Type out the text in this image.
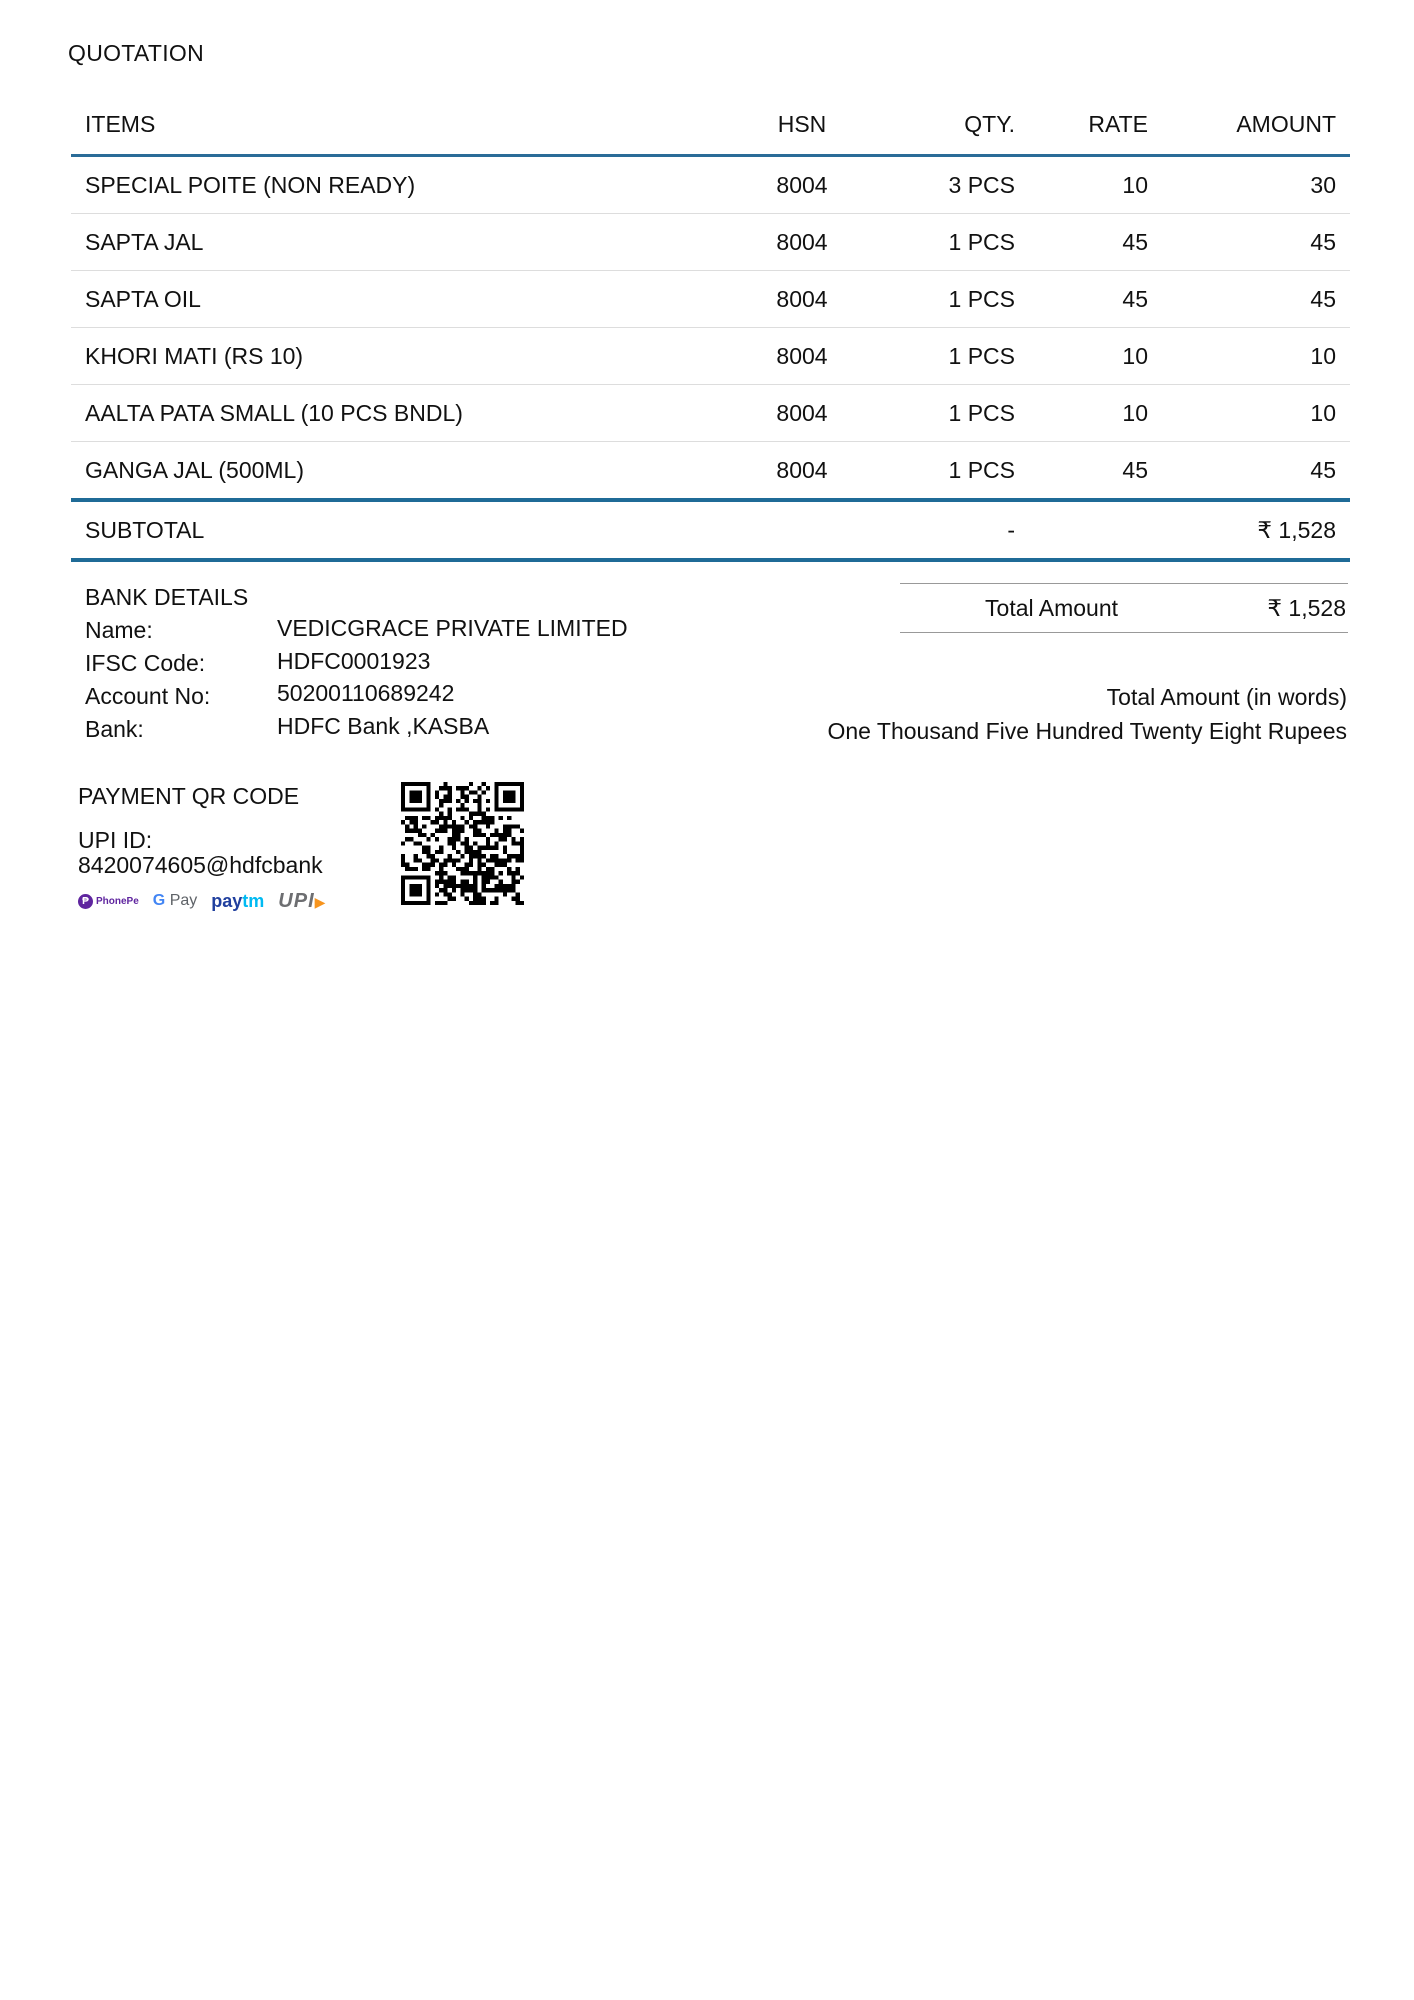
QUOTATION
ITEMS	HSN	QTY.	RATE	AMOUNT
SPECIAL POITE (NON READY)	8004	3 PCS	10	30
SAPTA JAL	8004	1 PCS	45	45
SAPTA OIL	8004	1 PCS	45	45
KHORI MATI (RS 10)	8004	1 PCS	10	10
AALTA PATA SMALL (10 PCS BNDL)	8004	1 PCS	10	10
GANGA JAL (500ML)	8004	1 PCS	45	45
SUBTOTAL		-		₹ 1,528
BANK DETAILS
Name:	VEDICGRACE PRIVATE LIMITED
IFSC Code:	HDFC0001923
Account No:	50200110689242
Bank:	HDFC Bank ,KASBA
Total Amount	₹ 1,528
Total Amount (in words)
One Thousand Five Hundred Twenty Eight Rupees
PAYMENT QR CODE
UPI ID:
8420074605@hdfcbank
₱ PhonePe G Pay paytm UPI▶
